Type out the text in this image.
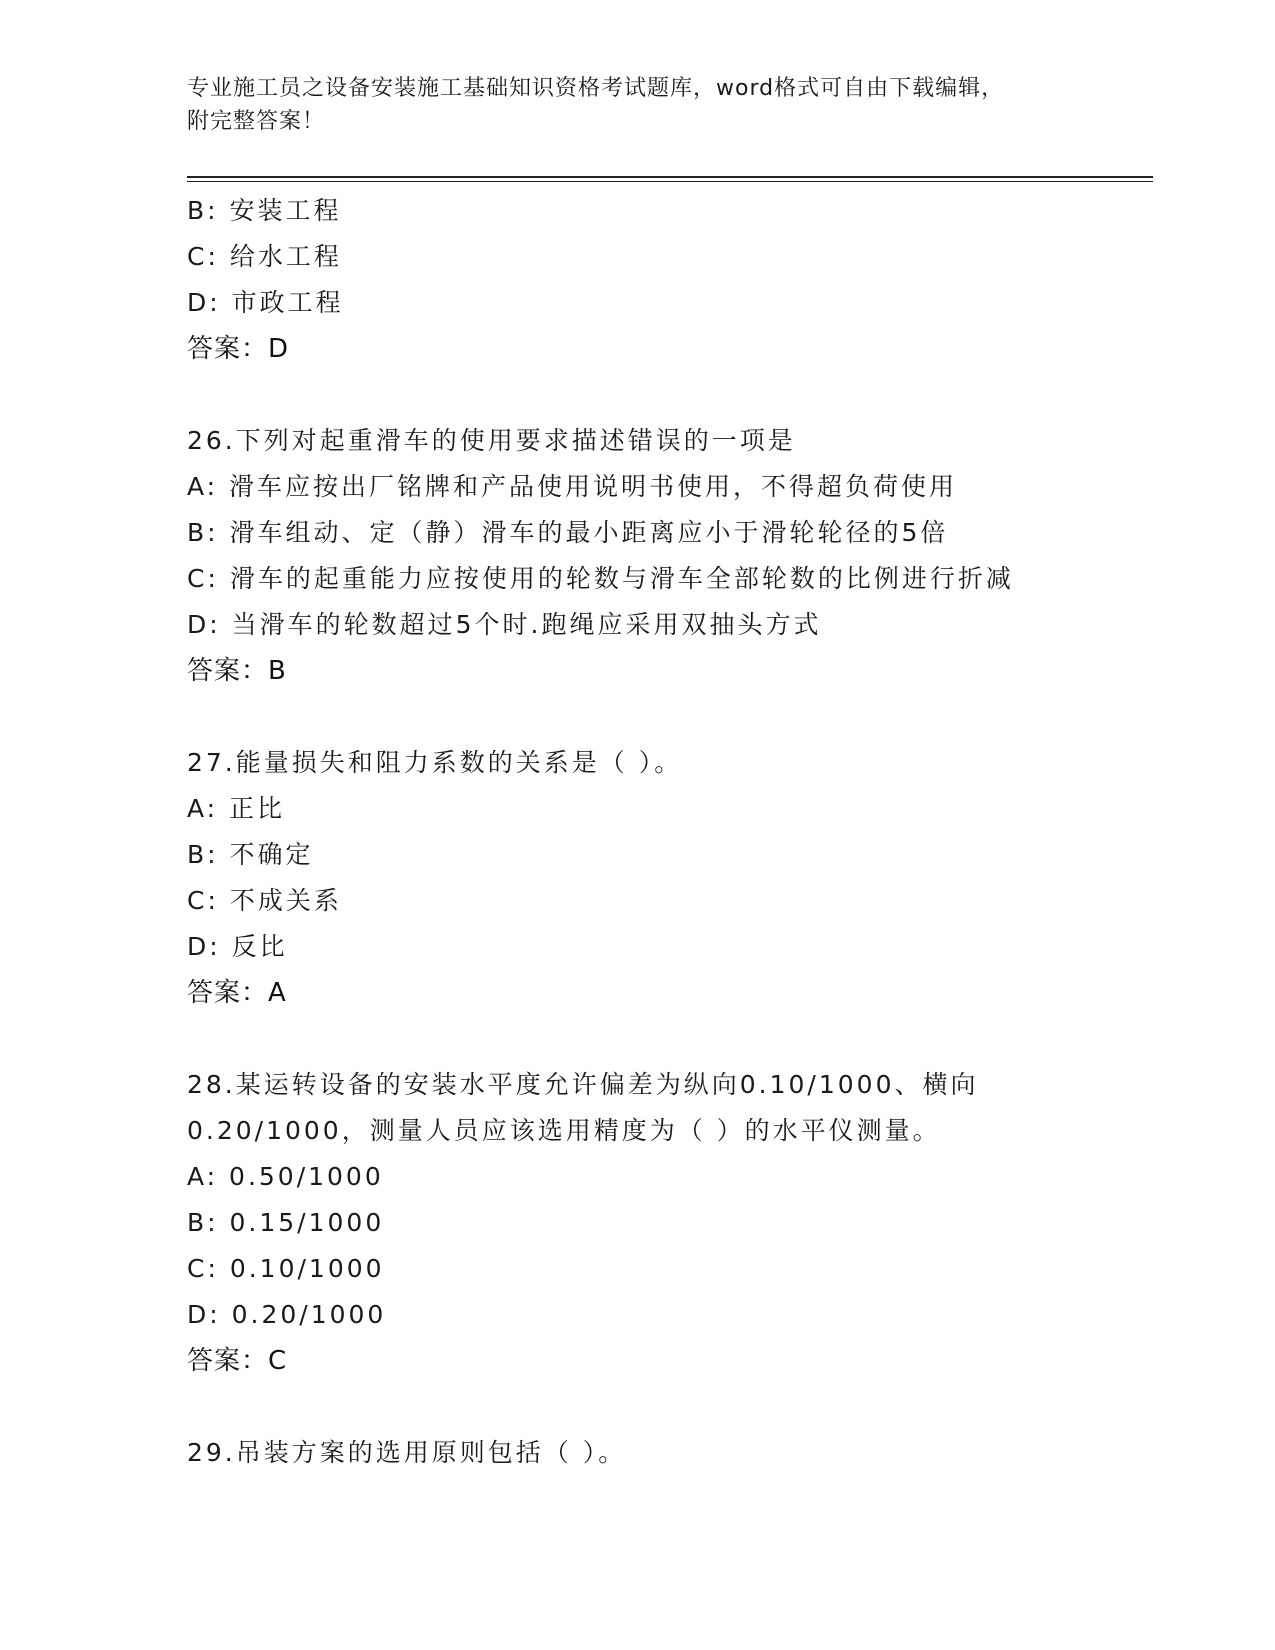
专业施工员之设备安装施工基础知识资格考试题库，word格式可自由下载编辑，
附完整答案！
B: 安装工程
C: 给水工程
D: 市政工程
答案：D
26.下列对起重滑车的使用要求描述错误的一项是
A: 滑车应按出厂铭牌和产品使用说明书使用，不得超负荷使用
B: 滑车组动、定（静）滑车的最小距离应小于滑轮轮径的5倍
C: 滑车的起重能力应按使用的轮数与滑车全部轮数的比例进行折减
D: 当滑车的轮数超过5个时.跑绳应采用双抽头方式
答案：B
27.能量损失和阻力系数的关系是（ ）。
A: 正比
B: 不确定
C: 不成关系
D: 反比
答案：A
28.某运转设备的安装水平度允许偏差为纵向0.10/1000、横向
0.20/1000，测量人员应该选用精度为（ ）的水平仪测量。
A: 0.50/1000
B: 0.15/1000
C: 0.10/1000
D: 0.20/1000
答案：C
29.吊装方案的选用原则包括（ ）。
